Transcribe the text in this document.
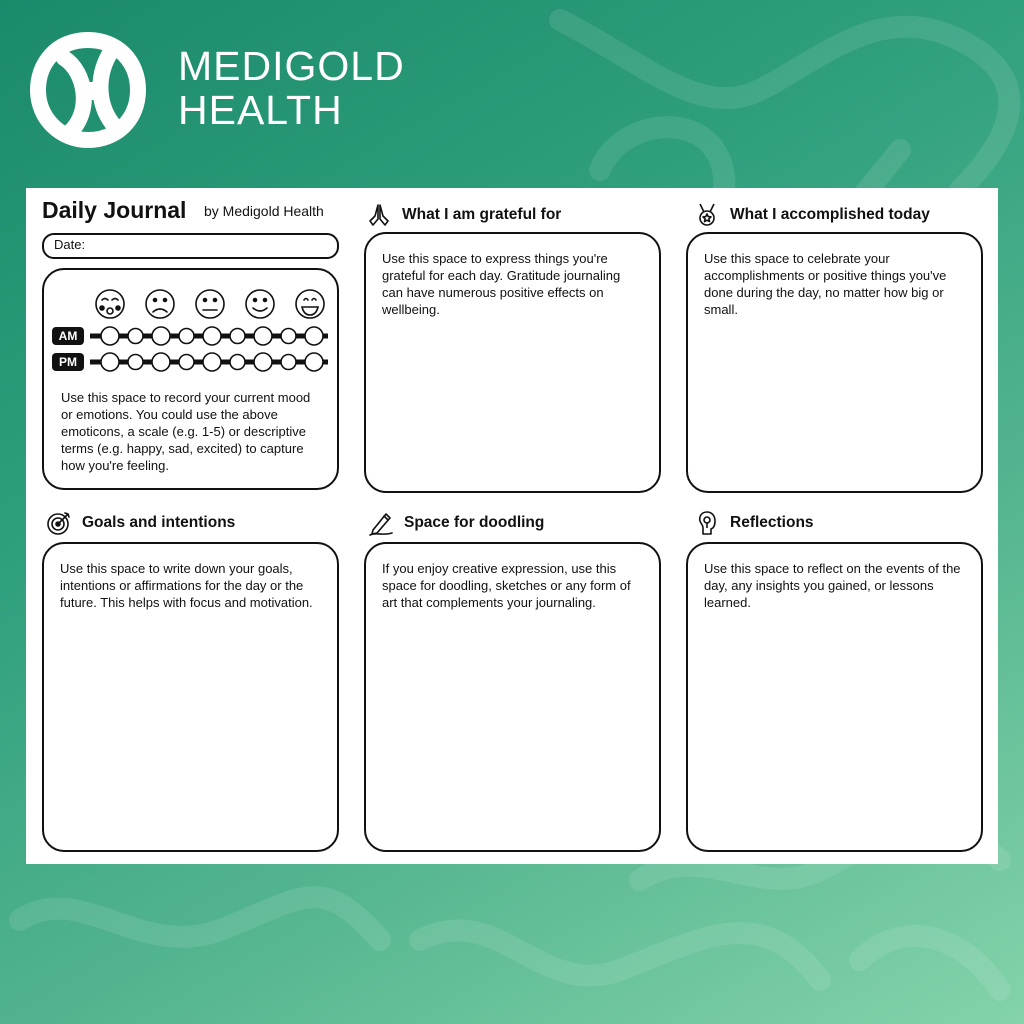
MEDIGOLD
HEALTH
Daily Journal by Medigold Health
Date:
AM
PM
Use this space to record your current mood or emotions. You could use the above emoticons, a scale (e.g. 1-5) or descriptive terms (e.g. happy, sad, excited) to capture how you're feeling.
What I am grateful for
Use this space to express things you're grateful for each day. Gratitude journaling can have numerous positive effects on wellbeing.
What I accomplished today
Use this space to celebrate your accomplishments or positive things you've done during the day, no matter how big or small.
Goals and intentions
Use this space to write down your goals, intentions or affirmations for the day or the future. This helps with focus and motivation.
Space for doodling
If you enjoy creative expression, use this space for doodling, sketches or any form of art that complements your journaling.
Reflections
Use this space to reflect on the events of the day, any insights you gained, or lessons learned.
